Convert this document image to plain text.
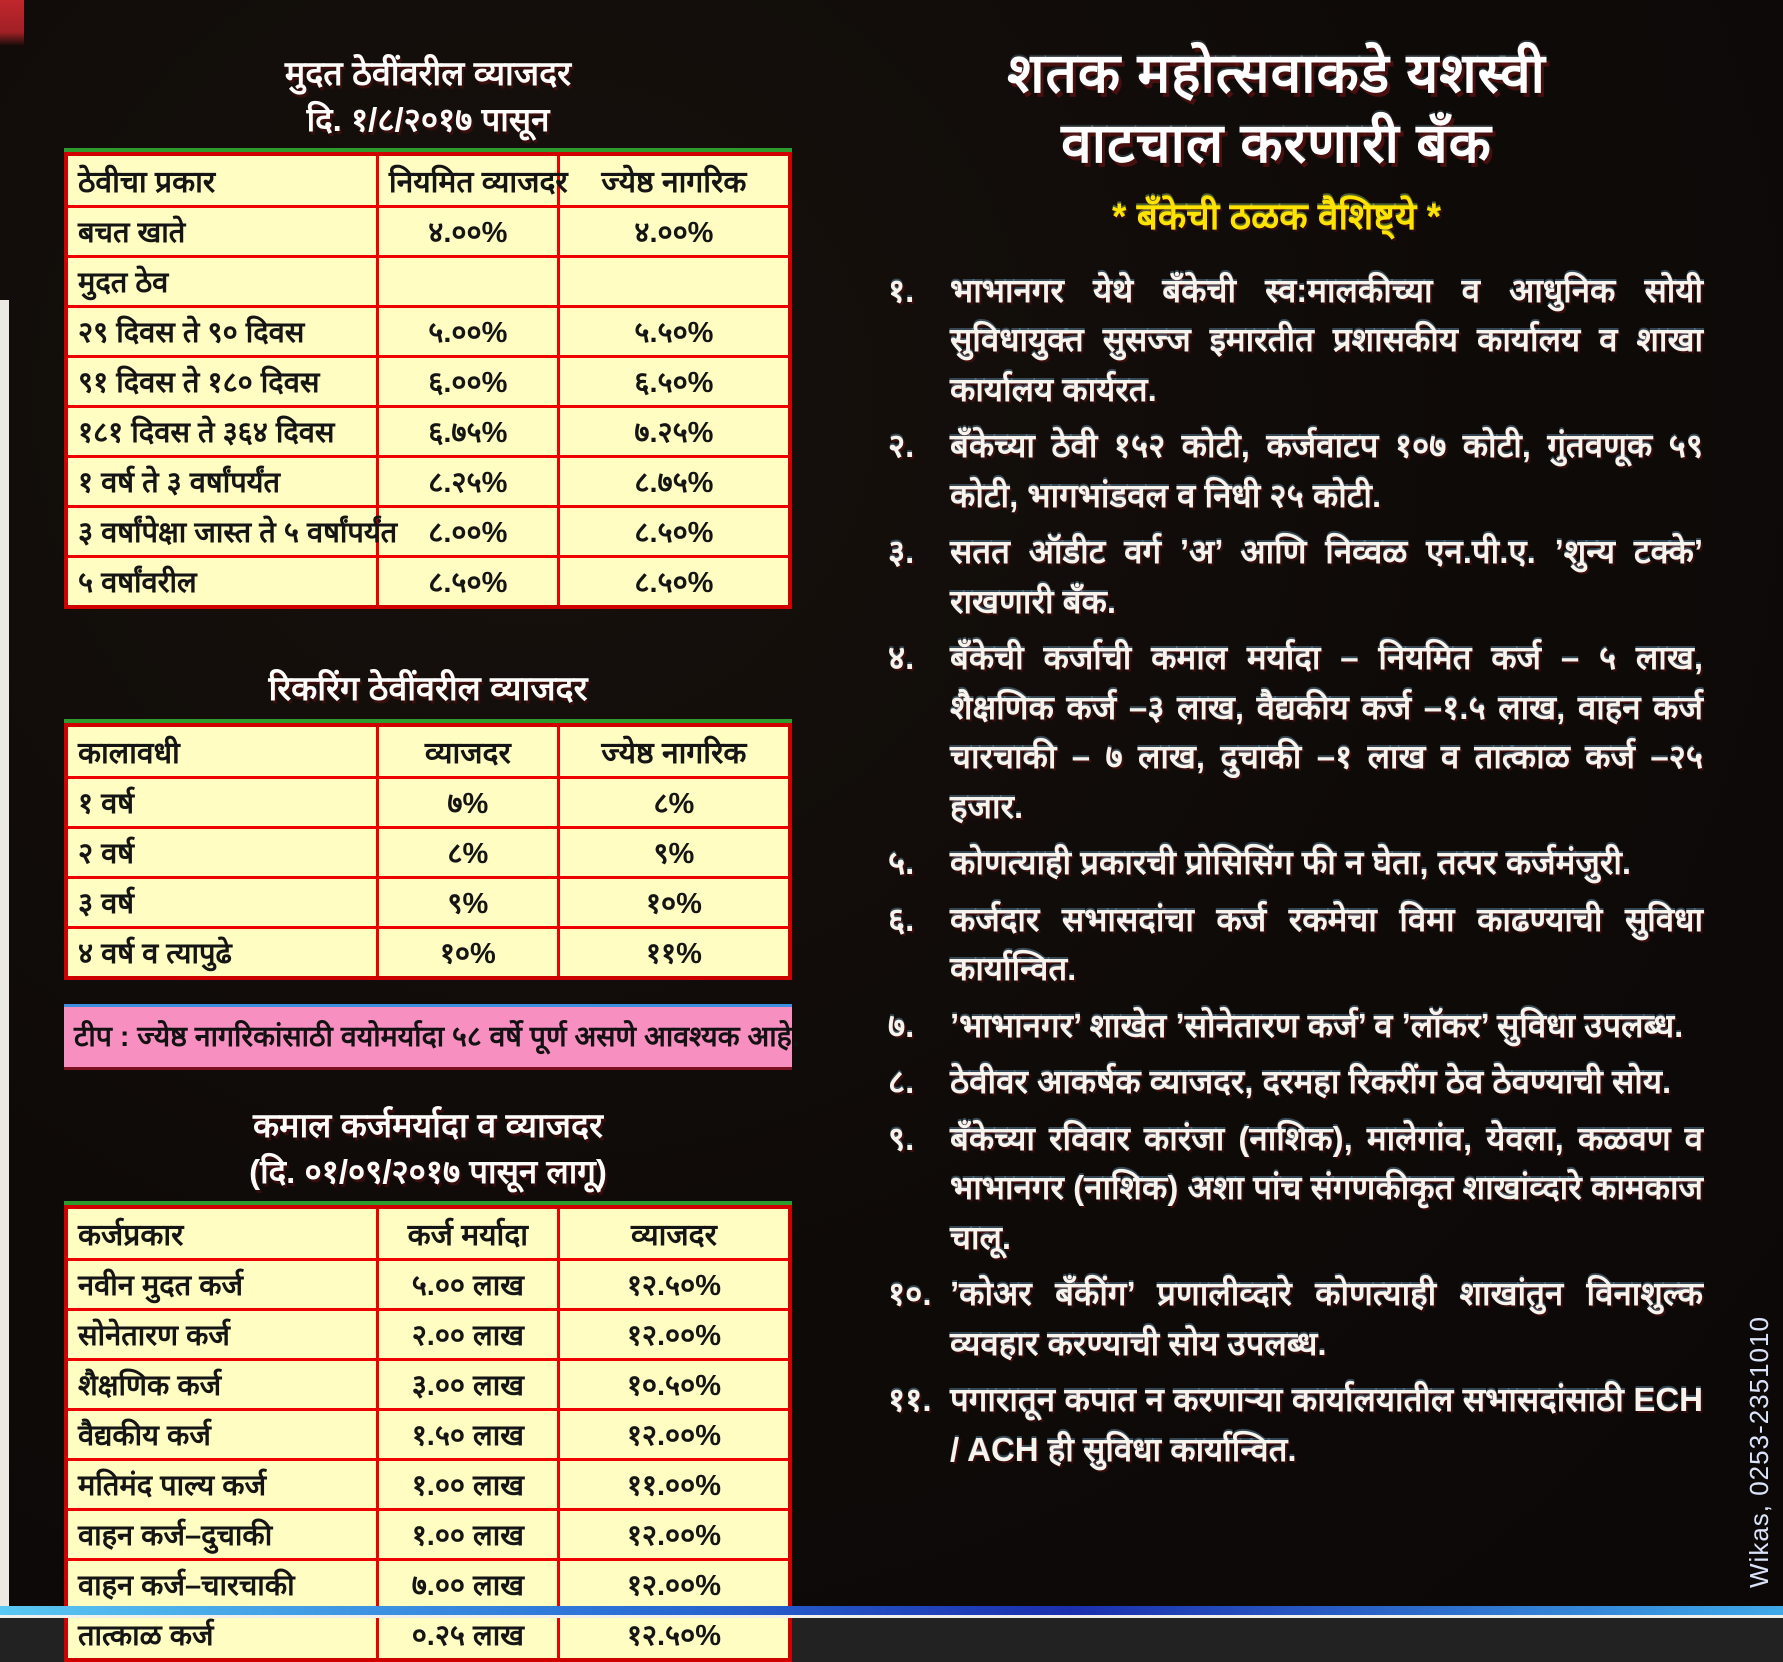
मुदत ठेवींवरील व्याजदर
दि. १/८/२०१७ पासून
ठेवीचा प्रकार	नियमित व्याजदर	ज्येष्ठ नागरिक
बचत खाते	४.००%	४.००%
मुदत ठेव		
२९ दिवस ते ९० दिवस	५.००%	५.५०%
९१ दिवस ते १८० दिवस	६.००%	६.५०%
१८१ दिवस ते ३६४ दिवस	६.७५%	७.२५%
१ वर्ष ते ३ वर्षांपर्यंत	८.२५%	८.७५%
३ वर्षांपेक्षा जास्त ते ५ वर्षांपर्यंत	८.००%	८.५०%
५ वर्षांवरील	८.५०%	८.५०%
रिकरिंग ठेवींवरील व्याजदर
कालावधी	व्याजदर	ज्येष्ठ नागरिक
१ वर्ष	७%	८%
२ वर्ष	८%	९%
३ वर्ष	९%	१०%
४ वर्ष व त्यापुढे	१०%	११%
टीप : ज्येष्ठ नागरिकांसाठी वयोमर्यादा ५८ वर्षे पूर्ण असणे आवश्यक आहे.
कमाल कर्जमर्यादा व व्याजदर
(दि. ०१/०९/२०१७ पासून लागू)
कर्जप्रकार	कर्ज मर्यादा	व्याजदर
नवीन मुदत कर्ज	५.०० लाख	१२.५०%
सोनेतारण कर्ज	२.०० लाख	१२.००%
शैक्षणिक कर्ज	३.०० लाख	१०.५०%
वैद्यकीय कर्ज	१.५० लाख	१२.००%
मतिमंद पाल्य कर्ज	१.०० लाख	११.००%
वाहन कर्ज–दुचाकी	१.०० लाख	१२.००%
वाहन कर्ज–चारचाकी	७.०० लाख	१२.००%
तात्काळ कर्ज	०.२५ लाख	१२.५०%
शतक महोत्सवाकडे यशस्वी
वाटचाल करणारी बँक
* बँकेची ठळक वैशिष्ट्ये *
१.	भाभानगर येथे बँकेची स्व:मालकीच्या व आधुनिक सोयी सुविधायुक्त सुसज्ज इमारतीत प्रशासकीय कार्यालय व शाखा कार्यालय कार्यरत.
२.	बँकेच्या ठेवी १५२ कोटी, कर्जवाटप १०७ कोटी, गुंतवणूक ५९ कोटी, भागभांडवल व निधी २५ कोटी.
३.	सतत ऑडीट वर्ग ’अ’ आणि निव्वळ एन.पी.ए. ’शुन्य टक्के’ राखणारी बँक.
४.	बँकेची कर्जाची कमाल मर्यादा – नियमित कर्ज – ५ लाख, शैक्षणिक कर्ज –३ लाख, वैद्यकीय कर्ज –१.५ लाख, वाहन कर्ज चारचाकी – ७ लाख, दुचाकी –१ लाख व तात्काळ कर्ज –२५ हजार.
५.	कोणत्याही प्रकारची प्रोसिसिंग फी न घेता, तत्पर कर्जमंजुरी.
६.	कर्जदार सभासदांचा कर्ज रकमेचा विमा काढण्याची सुविधा कार्यान्वित.
७.	’भाभानगर’ शाखेत ’सोनेतारण कर्ज’ व ’लॉकर’ सुविधा उपलब्ध.
८.	ठेवीवर आकर्षक व्याजदर, दरमहा रिकरींग ठेव ठेवण्याची सोय.
९.	बँकेच्या रविवार कारंजा (नाशिक), मालेगांव, येवला, कळवण व भाभानगर (नाशिक) अशा पांच संगणकीकृत शाखांव्दारे कामकाज चालू.
१०. ’कोअर बँकींग’ प्रणालीव्दारे कोणत्याही शाखांतुन विनाशुल्क व्यवहार करण्याची सोय उपलब्ध.
११. पगारातून कपात न करणाऱ्या कार्यालयातील सभासदांसाठी ECH / ACH ही सुविधा कार्यान्वित.	Wikas, 0253-2351010
